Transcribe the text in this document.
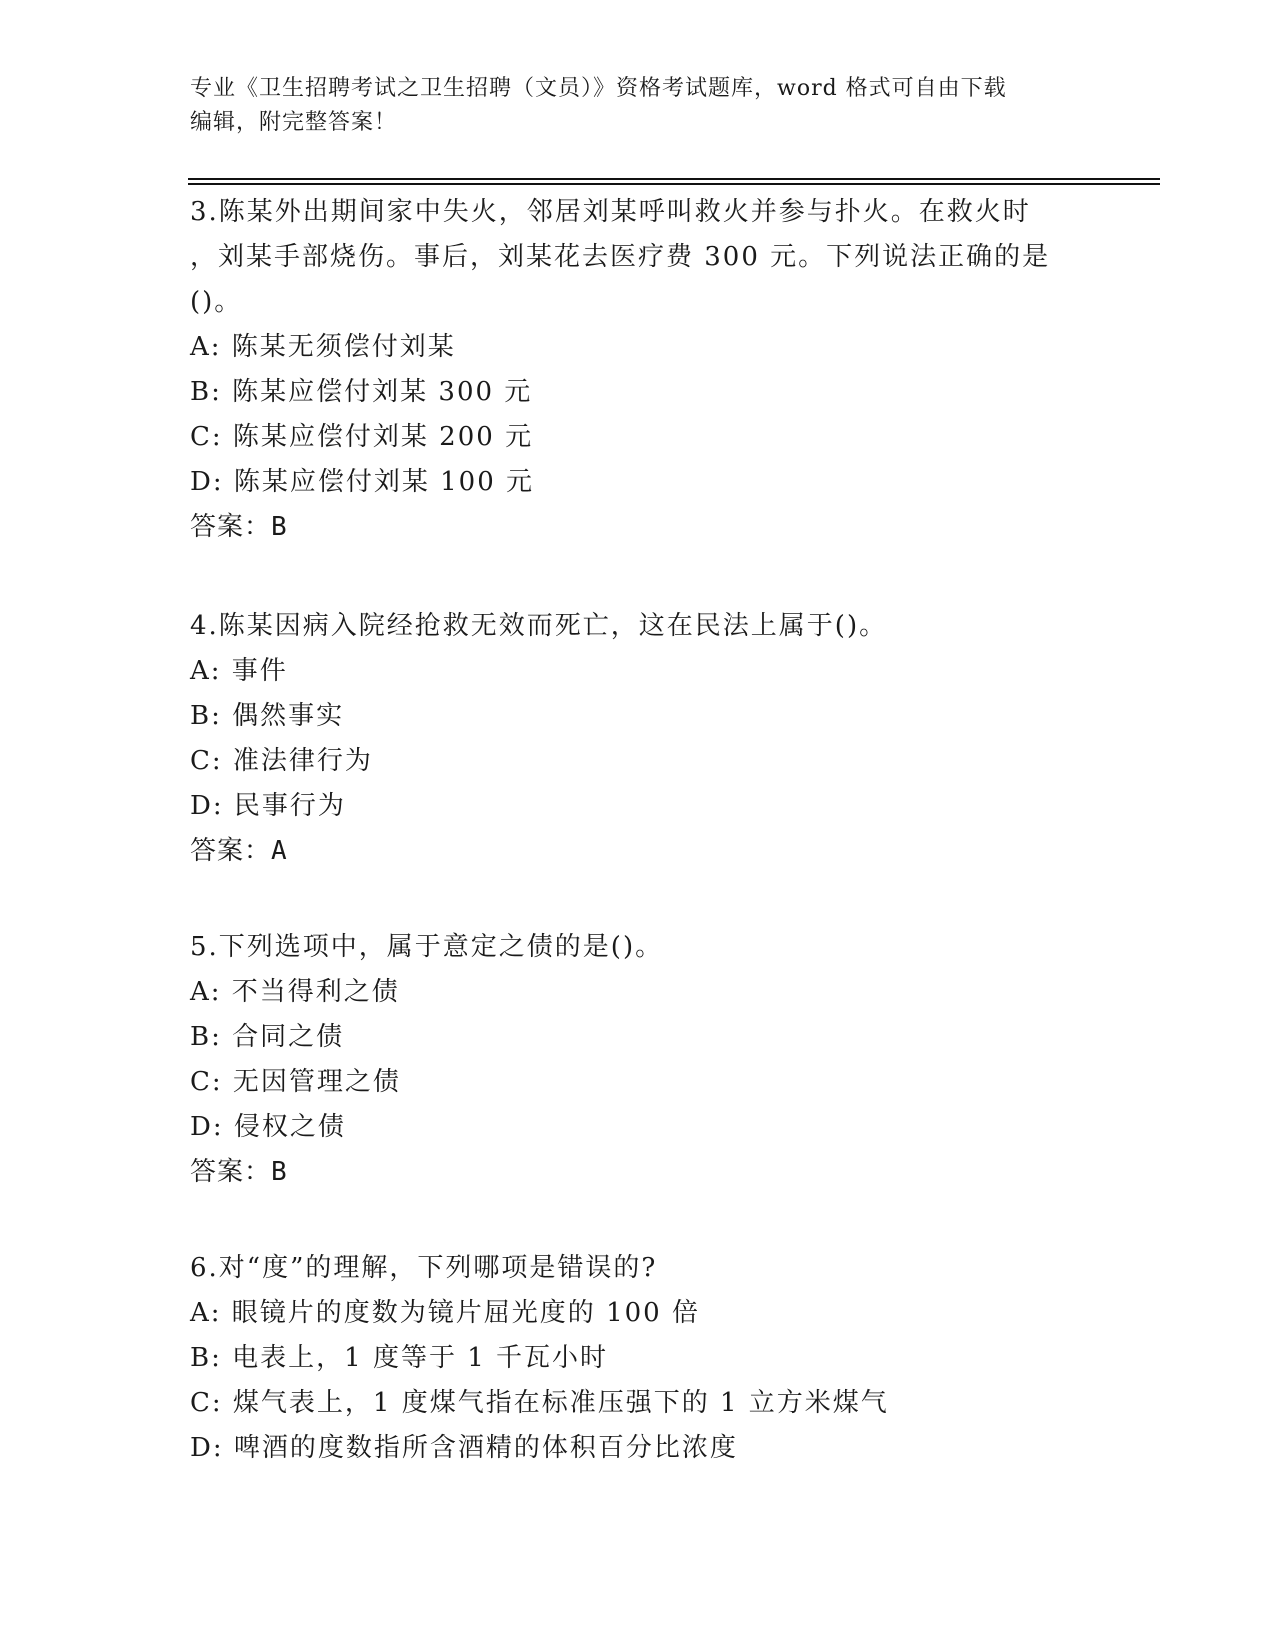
专业《卫生招聘考试之卫生招聘（文员）》资格考试题库，word 格式可自由下载
编辑，附完整答案！
3.陈某外出期间家中失火，邻居刘某呼叫救火并参与扑火。在救火时
，刘某手部烧伤。事后，刘某花去医疗费 300 元。下列说法正确的是
()。
A: 陈某无须偿付刘某
B: 陈某应偿付刘某 300 元
C: 陈某应偿付刘某 200 元
D: 陈某应偿付刘某 100 元
答案：B
4.陈某因病入院经抢救无效而死亡，这在民法上属于()。
A: 事件
B: 偶然事实
C: 准法律行为
D: 民事行为
答案：A
5.下列选项中，属于意定之债的是()。
A: 不当得利之债
B: 合同之债
C: 无因管理之债
D: 侵权之债
答案：B
6.对“度”的理解，下列哪项是错误的?
A: 眼镜片的度数为镜片屈光度的 100 倍
B: 电表上，1 度等于 1 千瓦小时
C: 煤气表上，1 度煤气指在标准压强下的 1 立方米煤气
D: 啤酒的度数指所含酒精的体积百分比浓度
